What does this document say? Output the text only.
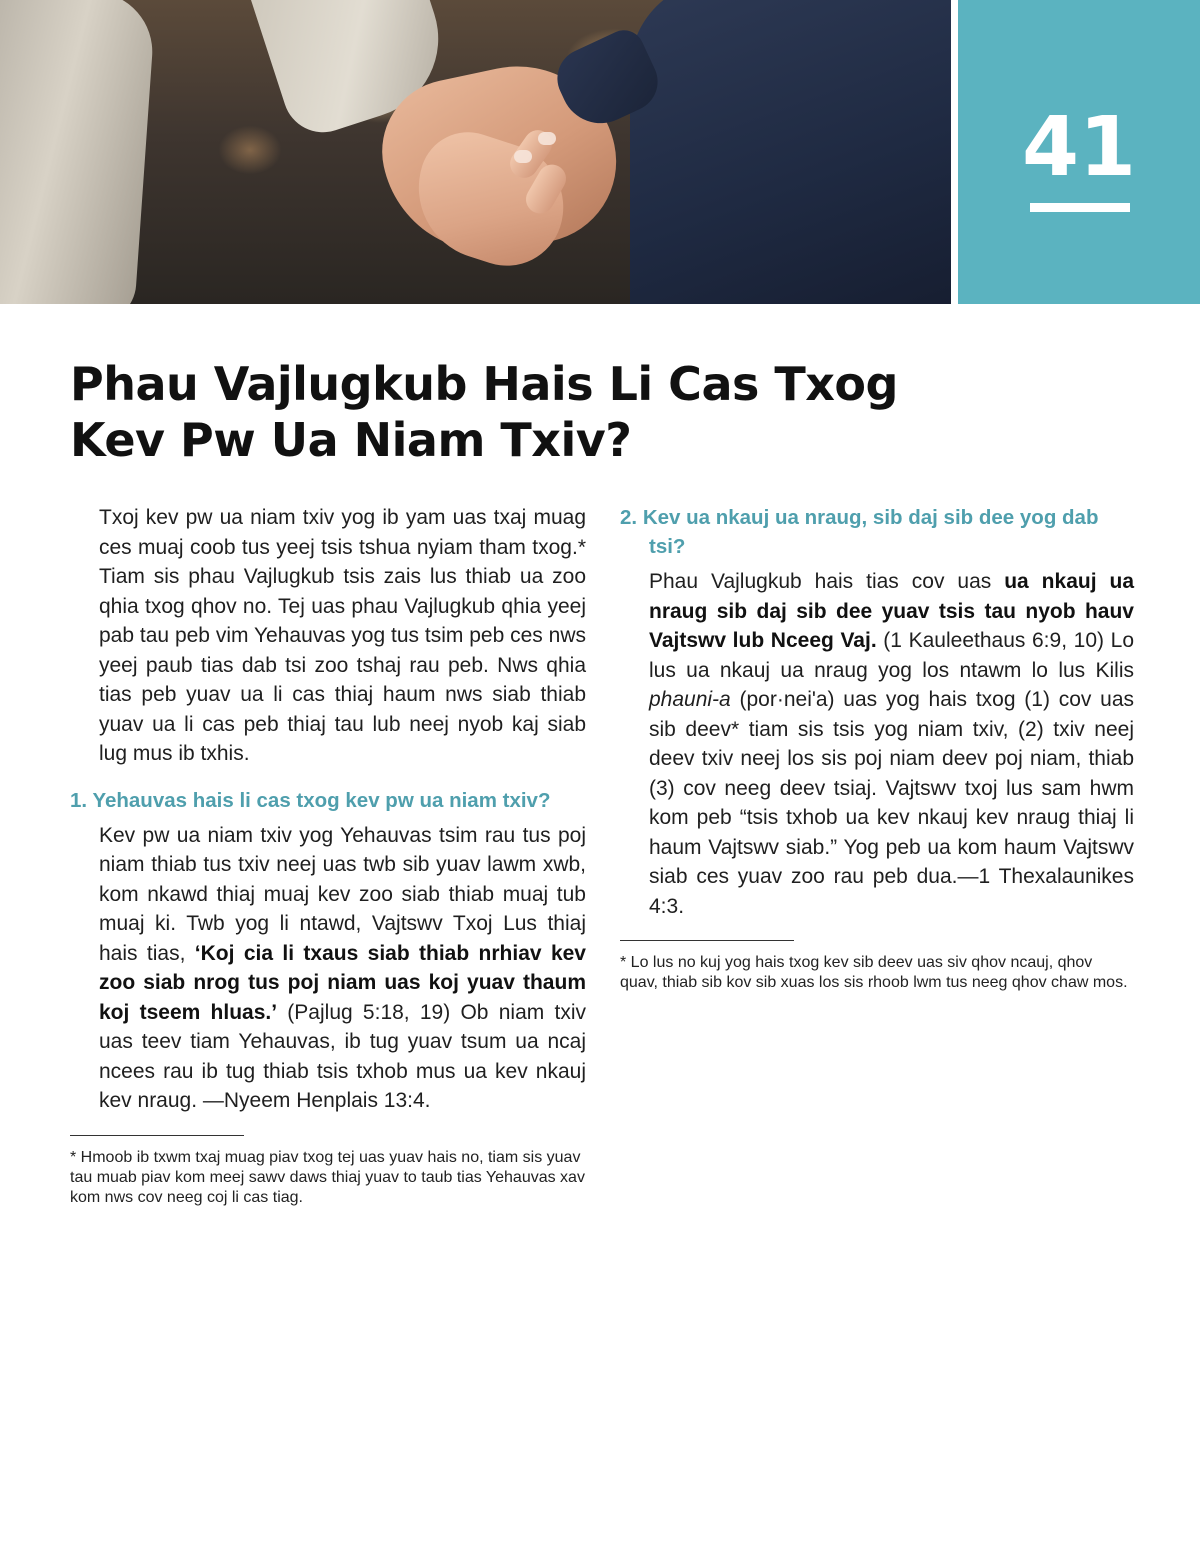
41
Phau Vajlugkub Hais Li Cas Txog Kev Pw Ua Niam Txiv?

Txoj kev pw ua niam txiv yog ib yam uas txaj muag ces muaj coob tus yeej tsis tshua nyiam tham txog.* Tiam sis phau Vajlugkub tsis zais lus thiab ua zoo qhia txog qhov no. Tej uas phau Vajlugkub qhia yeej pab tau peb vim Yehauvas yog tus tsim peb ces nws yeej paub tias dab tsi zoo tshaj rau peb. Nws qhia tias peb yuav ua li cas thiaj haum nws siab thiab yuav ua li cas peb thiaj tau lub neej nyob kaj siab lug mus ib txhis.

1. Yehauvas hais li cas txog kev pw ua niam txiv?

Kev pw ua niam txiv yog Yehauvas tsim rau tus poj niam thiab tus txiv neej uas twb sib yuav lawm xwb, kom nkawd thiaj muaj kev zoo siab thiab muaj tub muaj ki. Twb yog li ntawd, Vajtswv Txoj Lus thiaj hais tias, ‘Koj cia li txaus siab thiab nrhiav kev zoo siab nrog tus poj niam uas koj yuav thaum koj tseem hluas.’ (Pajlug 5:18, 19) Ob niam txiv uas teev tiam Yehauvas, ib tug yuav tsum ua ncaj ncees rau ib tug thiab tsis txhob mus ua kev nkauj kev nraug. —Nyeem Henplais 13:4.

* Hmoob ib txwm txaj muag piav txog tej uas yuav hais no, tiam sis yuav tau muab piav kom meej sawv daws thiaj yuav to taub tias Yehauvas xav kom nws cov neeg coj li cas tiag.

2. Kev ua nkauj ua nraug, sib daj sib dee yog dab tsi?

Phau Vajlugkub hais tias cov uas ua nkauj ua nraug sib daj sib dee yuav tsis tau nyob hauv Vajtswv lub Nceeg Vaj. (1 Kauleethaus 6:9, 10) Lo lus ua nkauj ua nraug yog los ntawm lo lus Kilis phauni-a (por·neiʹa) uas yog hais txog (1) cov uas sib deev* tiam sis tsis yog niam txiv, (2) txiv neej deev txiv neej los sis poj niam deev poj niam, thiab (3) cov neeg deev tsiaj. Vajtswv txoj lus sam hwm kom peb “tsis txhob ua kev nkauj kev nraug thiaj li haum Vajtswv siab.” Yog peb ua kom haum Vajtswv siab ces yuav zoo rau peb dua.—1 Thexalaunikes 4:3.

* Lo lus no kuj yog hais txog kev sib deev uas siv qhov ncauj, qhov quav, thiab sib kov sib xuas los sis rhoob lwm tus neeg qhov chaw mos.
